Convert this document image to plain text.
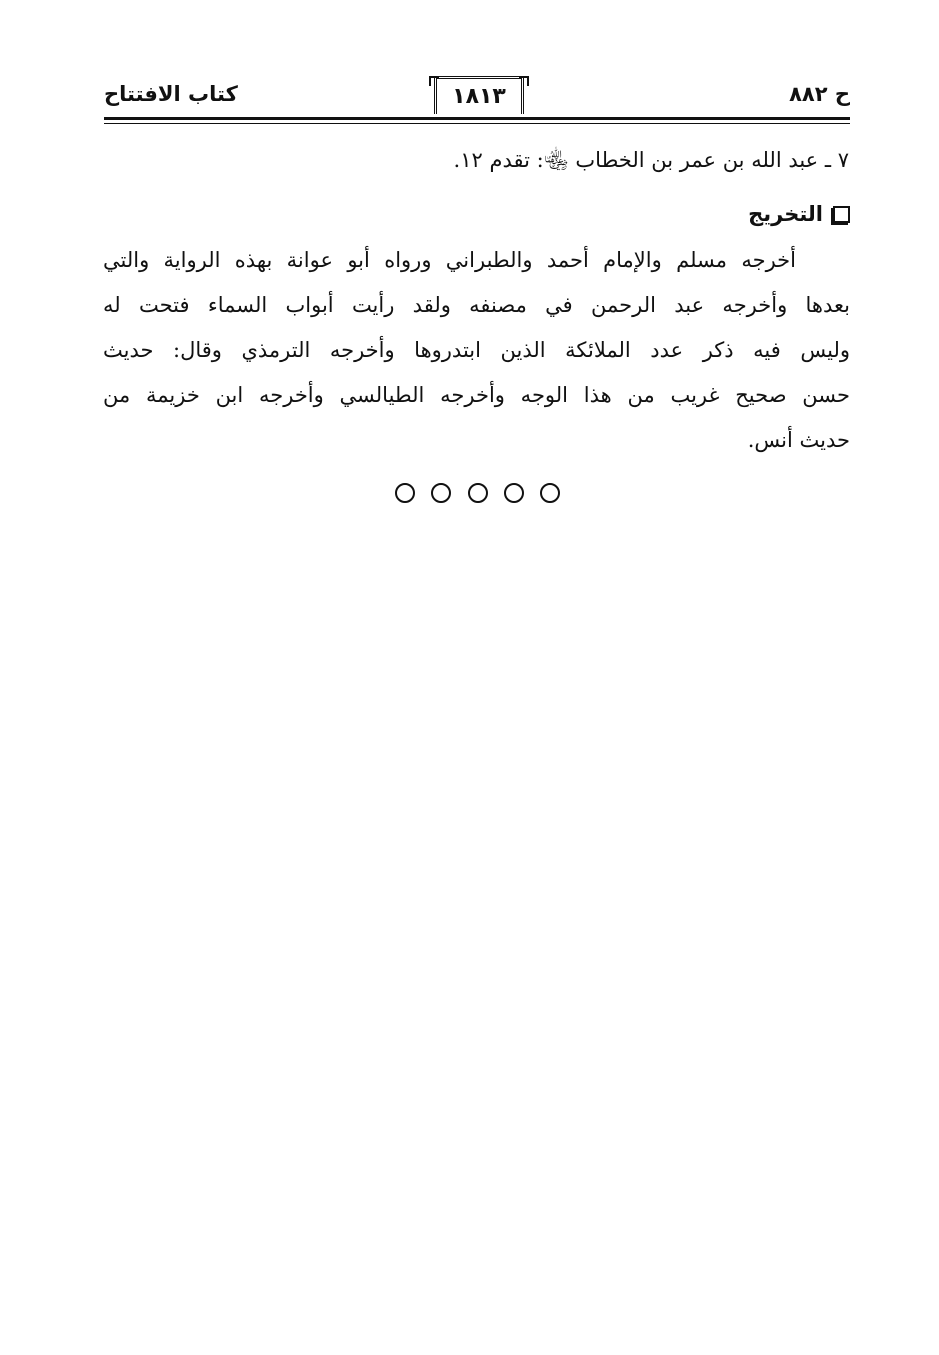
ح ٨٨٢
١٨١٣
كتاب الافتتاح
٧ ـ عبد الله بن عمر بن الخطاب ﵄: تقدم ١٢.
التخريج
أخرجه مسلم والإمام أحمد والطبراني ورواه أبو عوانة بهذه الرواية والتي
بعدها وأخرجه عبد الرحمن في مصنفه ولقد رأيت أبواب السماء فتحت له
وليس فيه ذكر عدد الملائكة الذين ابتدروها وأخرجه الترمذي وقال: حديث
حسن صحيح غريب من هذا الوجه وأخرجه الطيالسي وأخرجه ابن خزيمة من
حديث أنس.
